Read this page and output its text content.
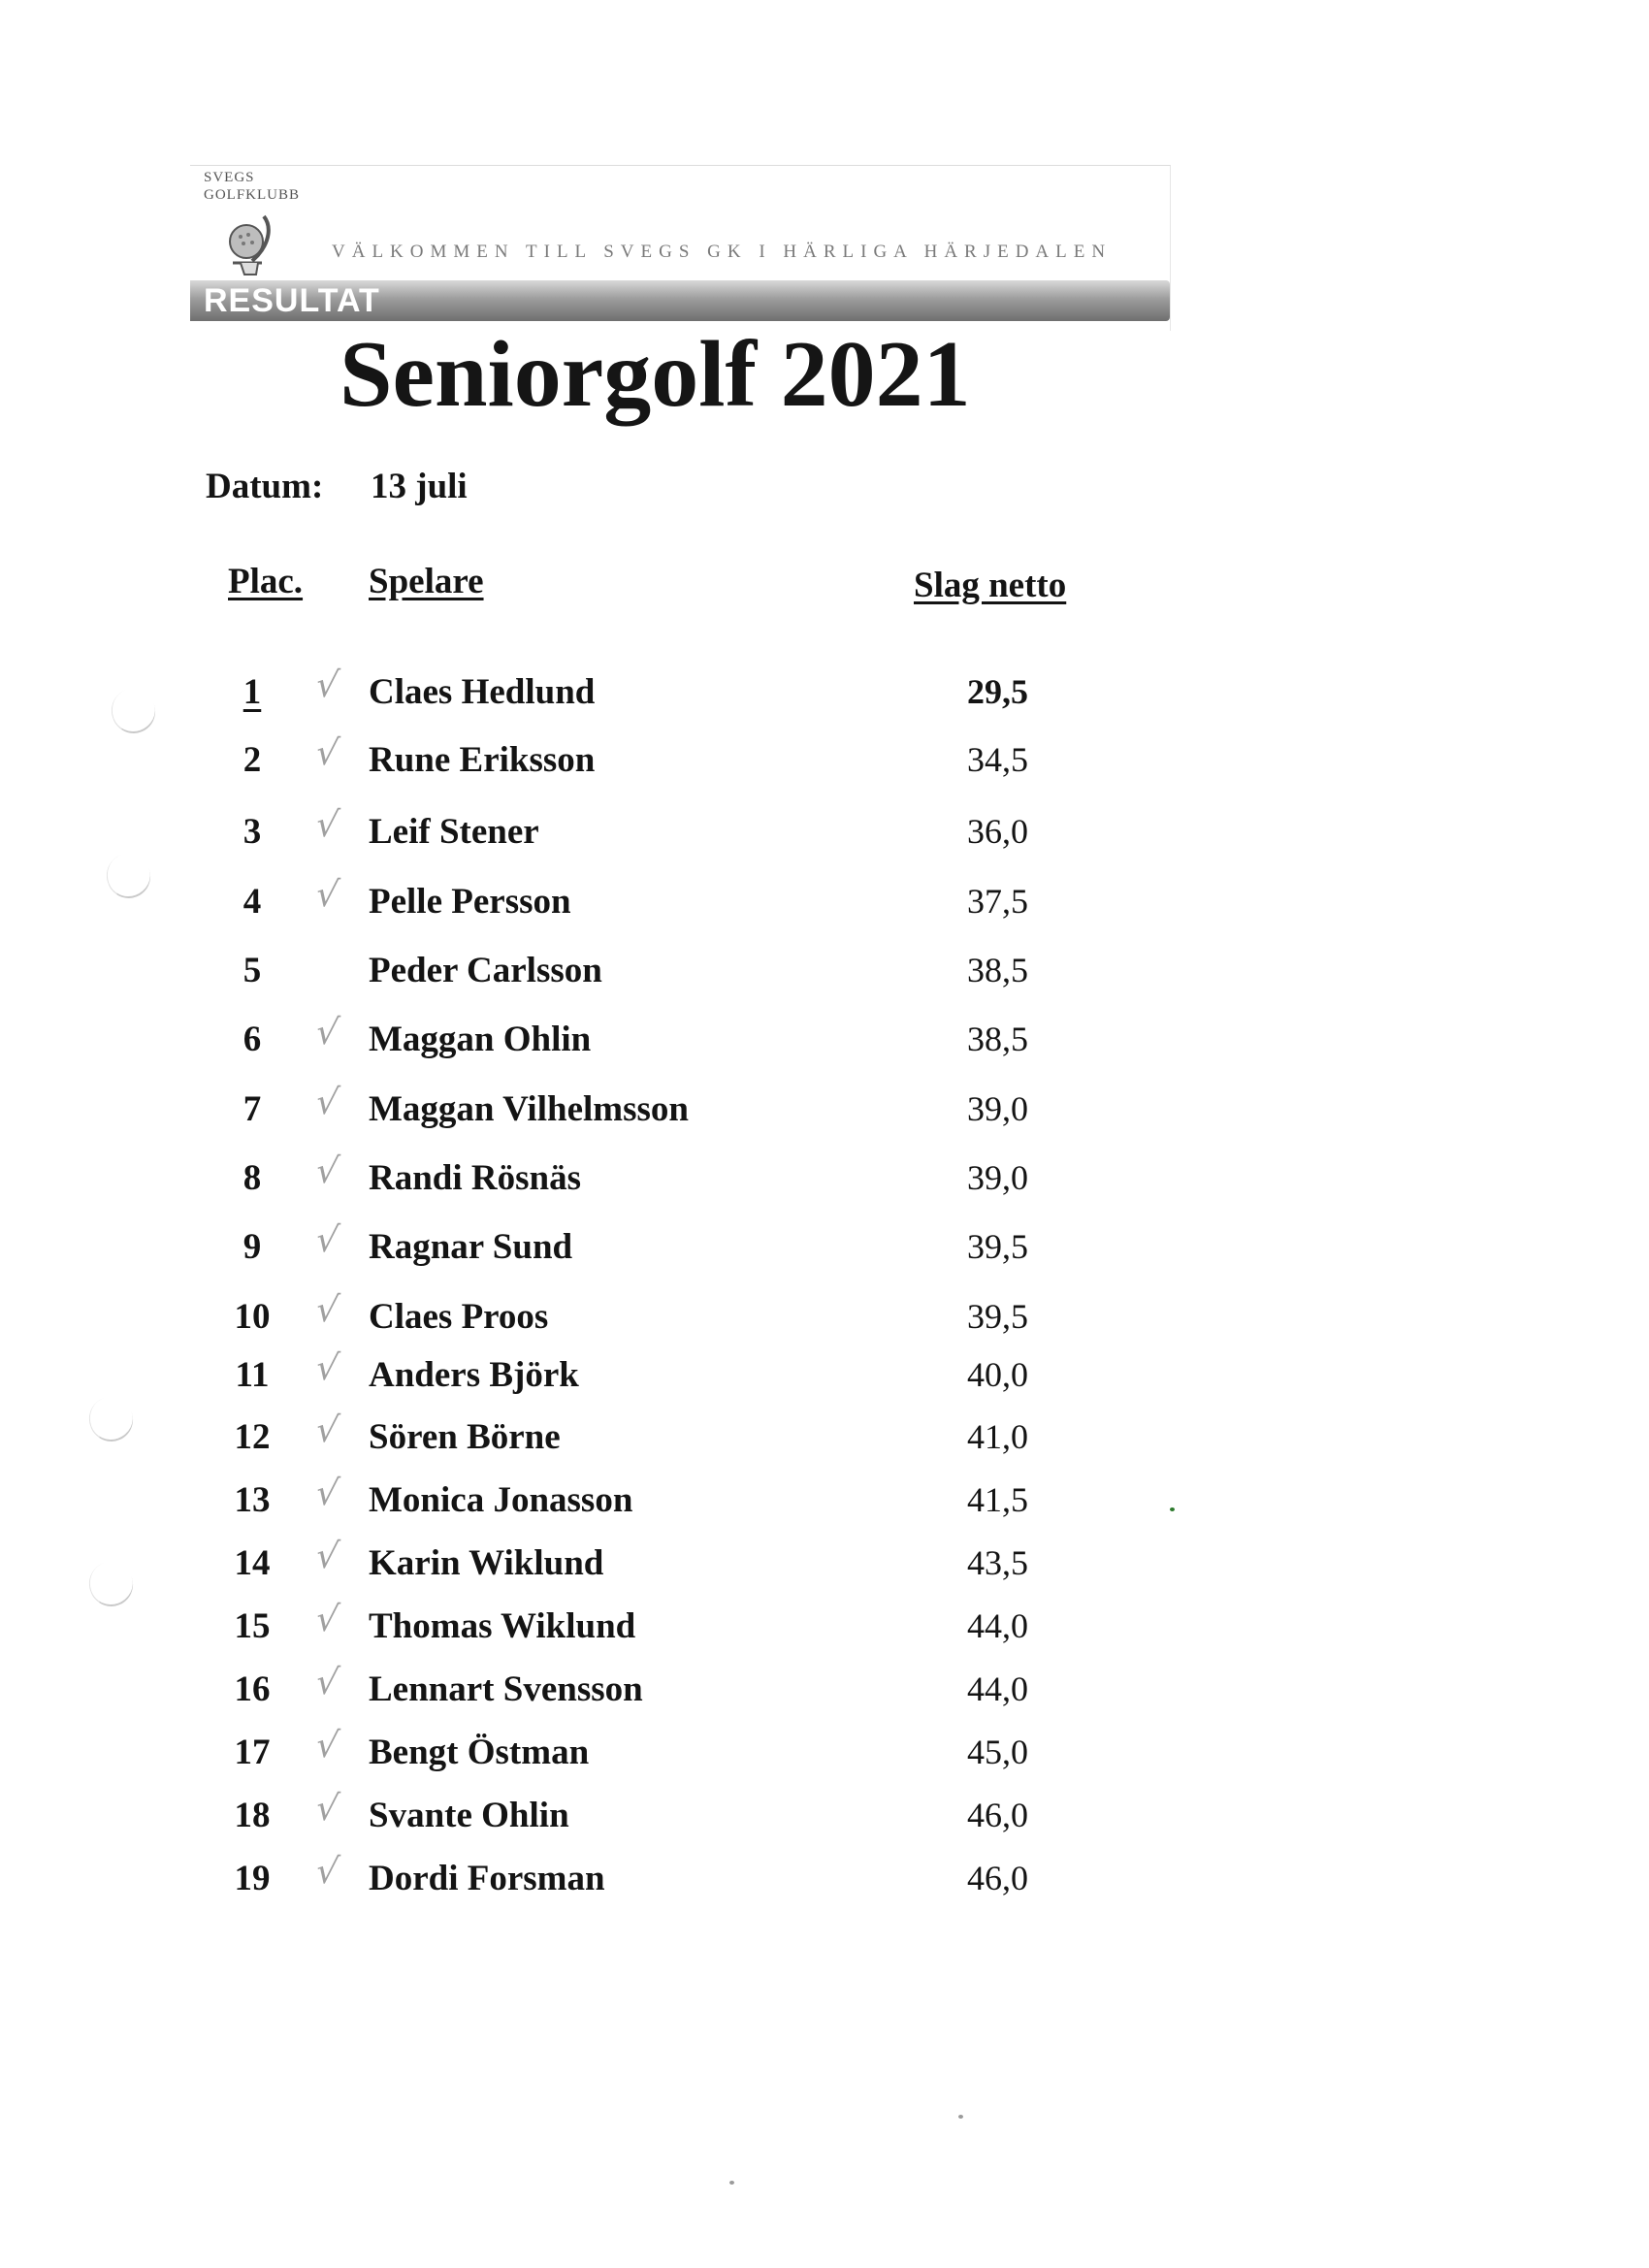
SVEGS
GOLFKLUBB
VÄLKOMMEN TILL SVEGS GK I HÄRLIGA HÄRJEDALEN
RESULTAT
Seniorgolf 2021
Datum: 13 juli
Plac. Spelare	Slag netto
1	√ Claes Hedlund	29,5
2	√ Rune Eriksson	34,5
3	√ Leif Stener	36,0
4	√ Pelle Persson	37,5
5	Peder Carlsson	38,5
6	√ Maggan Ohlin	38,5
7	√ Maggan Vilhelmsson	39,0
8	√ Randi Rösnäs	39,0
9	√ Ragnar Sund	39,5
10	√ Claes Proos	39,5
11	√ Anders Björk	40,0
12	√ Sören Börne	41,0
13	√ Monica Jonasson	41,5
14	√ Karin Wiklund	43,5
15	√ Thomas Wiklund	44,0
16	√ Lennart Svensson	44,0
17	√ Bengt Östman	45,0
18	√ Svante Ohlin	46,0
19	√ Dordi Forsman	46,0
